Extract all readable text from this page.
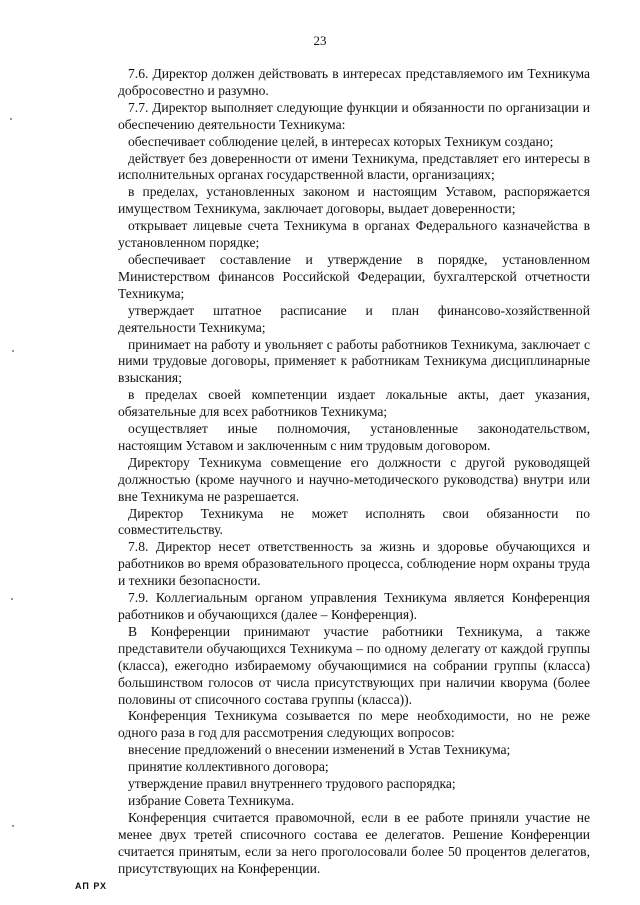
23

7.6. Директор должен действовать в интересах представляемого им Техникума добросовестно и разумно.

7.7. Директор выполняет следующие функции и обязанности по организации и обеспечению деятельности Техникума:

обеспечивает соблюдение целей, в интересах которых Техникум создано;

действует без доверенности от имени Техникума, представляет его интересы в исполнительных органах государственной власти, организациях;

в пределах, установленных законом и настоящим Уставом, распоряжается имуществом Техникума, заключает договоры, выдает доверенности;

открывает лицевые счета Техникума в органах Федерального казначейства в установленном порядке;

обеспечивает составление и утверждение в порядке, установленном Министерством финансов Российской Федерации, бухгалтерской отчетности Техникума;

утверждает штатное расписание и план финансово-хозяйственной деятельности Техникума;

принимает на работу и увольняет с работы работников Техникума, заключает с ними трудовые договоры, применяет к работникам Техникума дисциплинарные взыскания;

в пределах своей компетенции издает локальные акты, дает указания, обязательные для всех работников Техникума;

осуществляет иные полномочия, установленные законодательством, настоящим Уставом и заключенным с ним трудовым договором.

Директору Техникума совмещение его должности с другой руководящей должностью (кроме научного и научно-методического руководства) внутри или вне Техникума не разрешается.

Директор Техникума не может исполнять свои обязанности по совместительству.

7.8. Директор несет ответственность за жизнь и здоровье обучающихся и работников во время образовательного процесса, соблюдение норм охраны труда и техники безопасности.

7.9. Коллегиальным органом управления Техникума является Конференция работников и обучающихся (далее – Конференция).

В Конференции принимают участие работники Техникума, а также представители обучающихся Техникума – по одному делегату от каждой группы (класса), ежегодно избираемому обучающимися на собрании группы (класса) большинством голосов от числа присутствующих при наличии кворума (более половины от списочного состава группы (класса)).

Конференция Техникума созывается по мере необходимости, но не реже одного раза в год для рассмотрения следующих вопросов:

внесение предложений о внесении изменений в Устав Техникума;

принятие коллективного договора;

утверждение правил внутреннего трудового распорядка;

избрание Совета Техникума.

Конференция считается правомочной, если в ее работе приняли участие не менее двух третей списочного состава ее делегатов. Решение Конференции считается принятым, если за него проголосовали более 50 процентов делегатов, присутствующих на Конференции.

АП РХ
